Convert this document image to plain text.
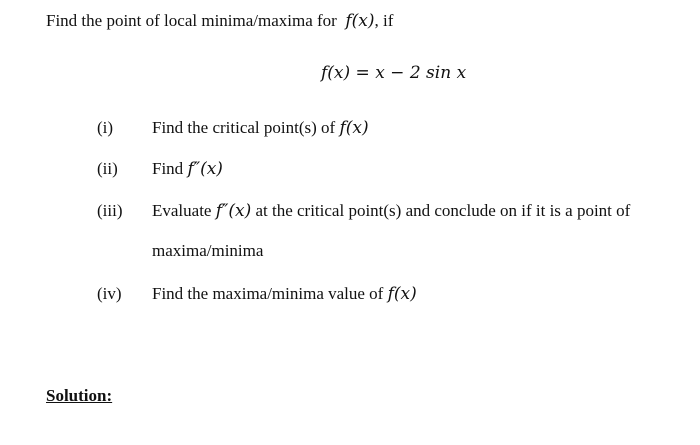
Find the point of local minima/maxima for f(x), if
f(x) = x − 2 sin x
(i) Find the critical point(s) of f(x)
(ii) Find f″(x)
(iii) Evaluate f″(x) at the critical point(s) and conclude on if it is a point of
maxima/minima
(iv) Find the maxima/minima value of f(x)
Solution:
